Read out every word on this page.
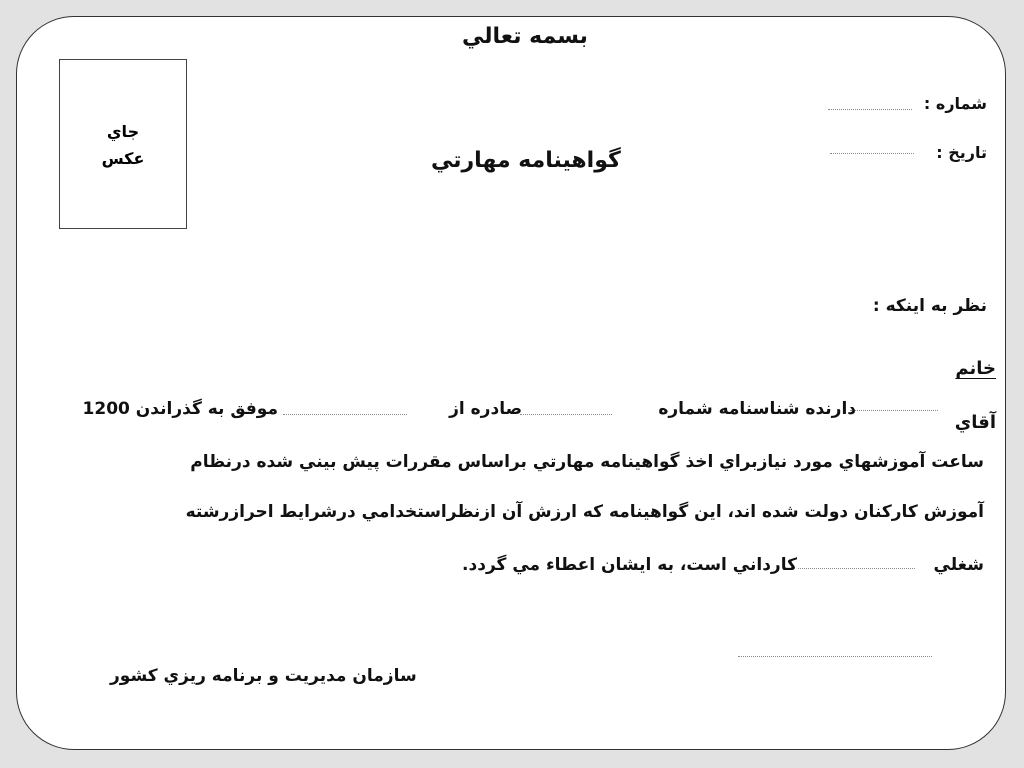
بسمه تعالي
شماره :
تاريخ :
جاي
عكس	گواهينامه مهارتي
نظر به اينكه :
خانم
آقاي
دارنده شناسنامه شماره
صادره از
موفق به گذراندن 1200
ساعت آموزشهاي مورد نيازبراي اخذ گواهينامه مهارتي براساس مقررات پيش بيني شده درنظام
آموزش كاركنان دولت شده اند، اين گواهينامه كه ارزش آن ازنظراستخدامي درشرايط احرازرشته
شغلي
كارداني است، به ايشان اعطاء مي گردد.
سازمان مديريت و برنامه ريزي كشور
